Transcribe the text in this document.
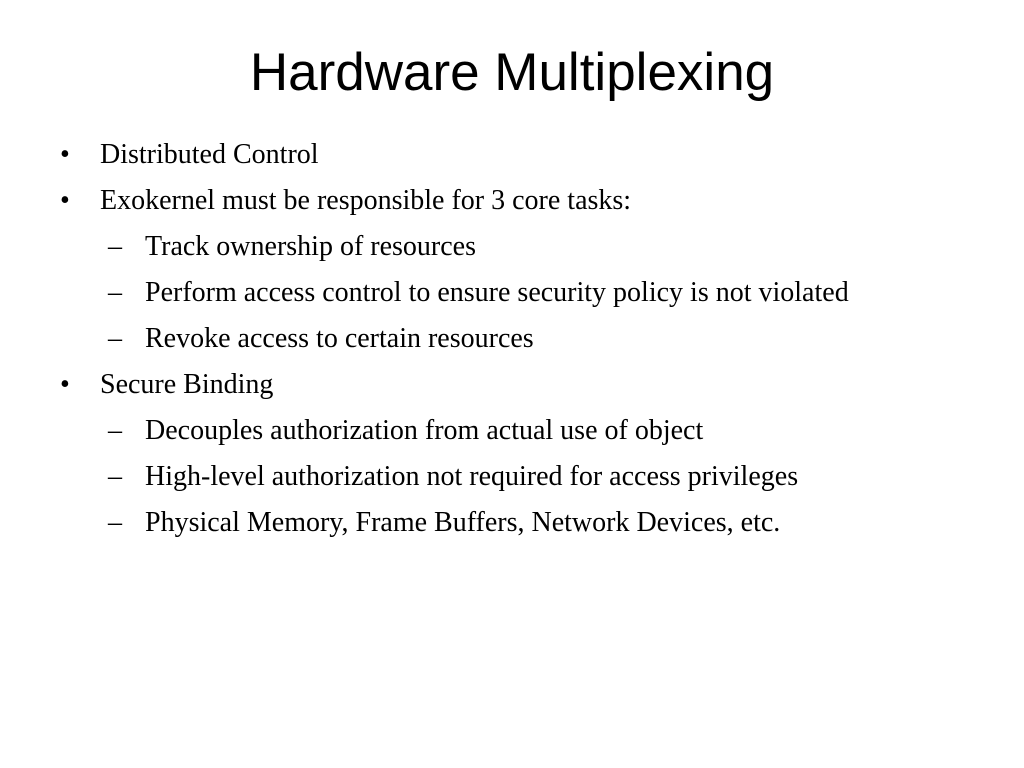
Hardware Multiplexing
• Distributed Control
• Exokernel must be responsible for 3 core tasks:
– Track ownership of resources
– Perform access control to ensure security policy is not violated
– Revoke access to certain resources
• Secure Binding
– Decouples authorization from actual use of object
– High-level authorization not required for access privileges
– Physical Memory, Frame Buffers, Network Devices, etc.
